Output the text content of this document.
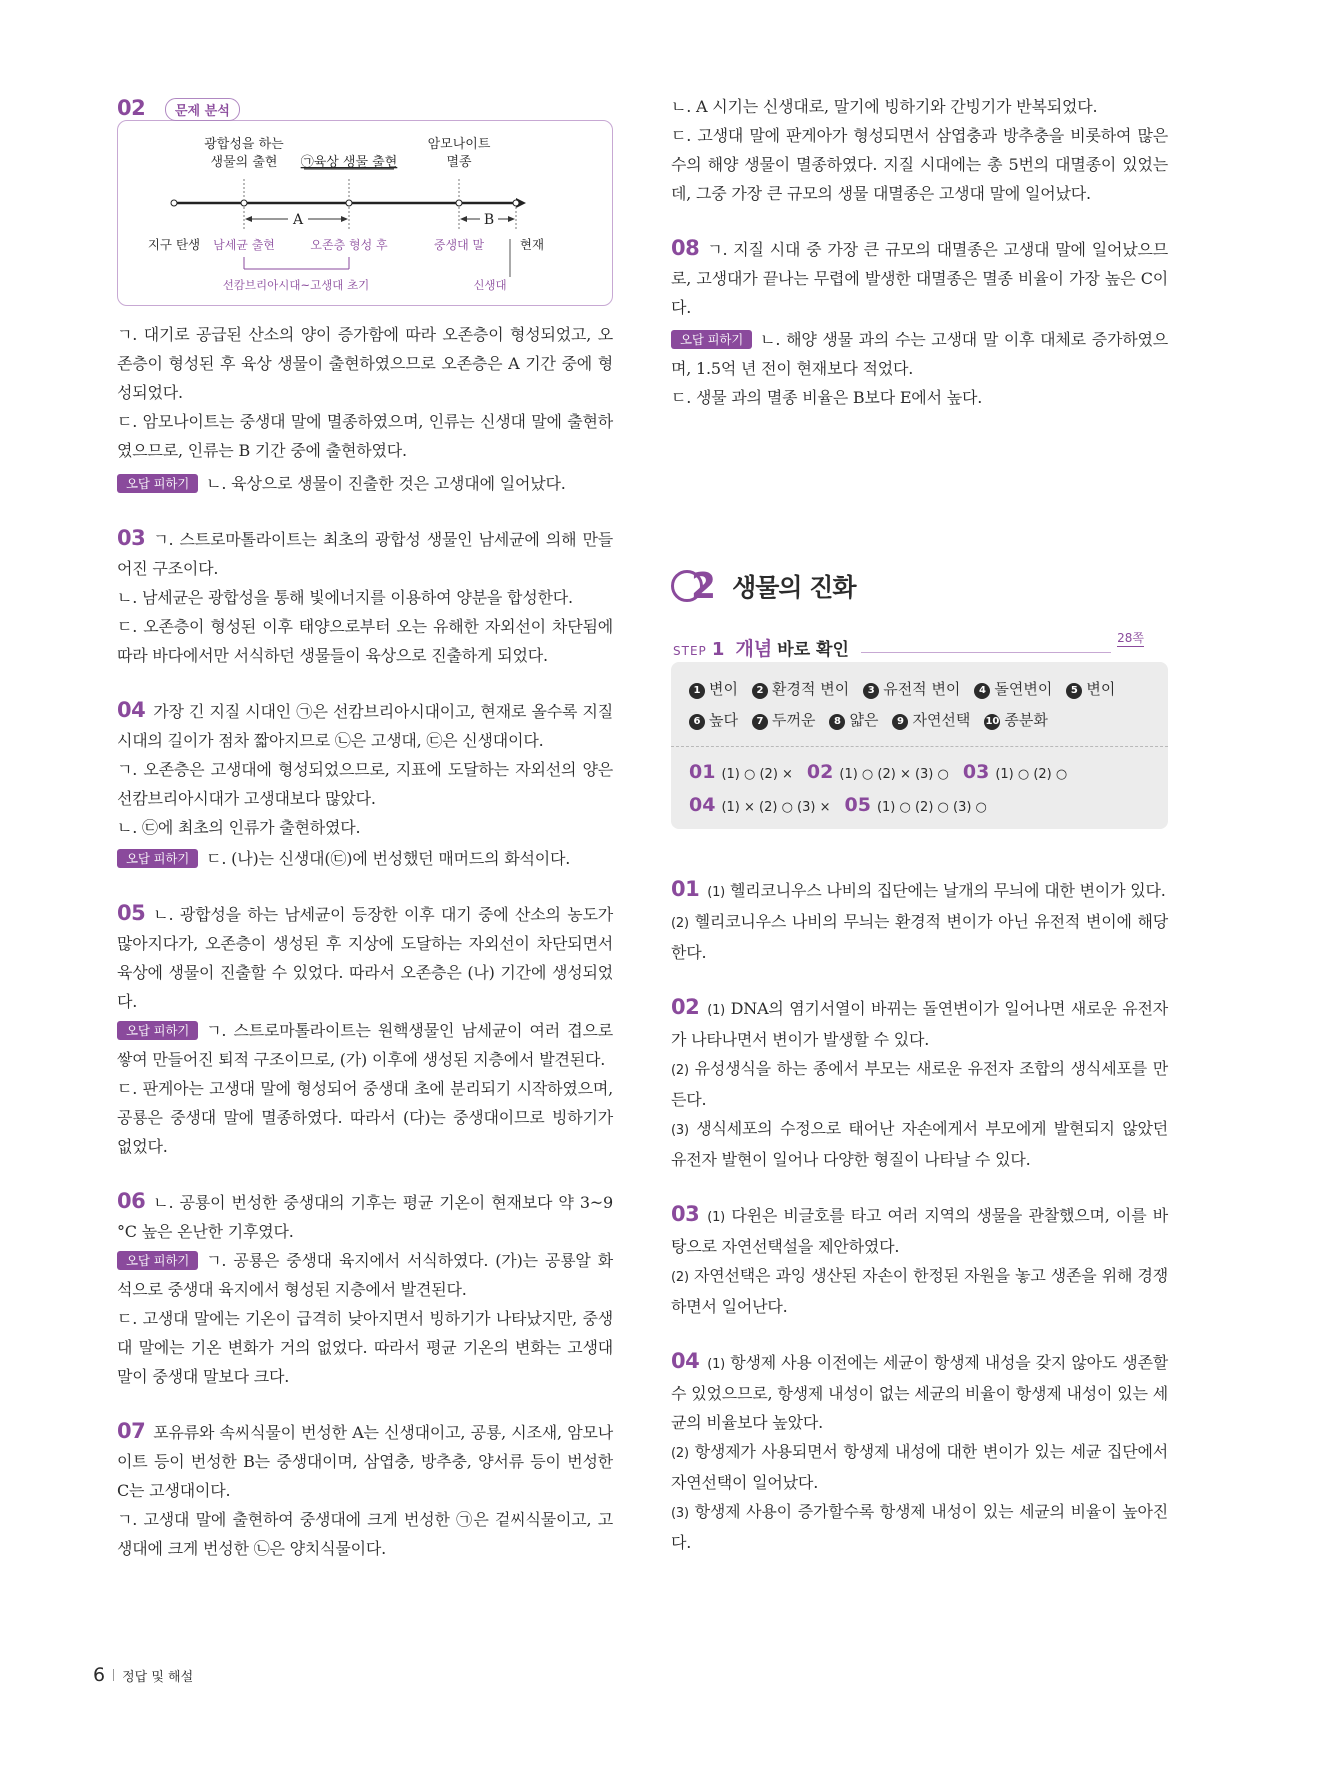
02	문제 분석
A	B
광합성을 하는
생물의 출현 ㉠육상 생물 출현
암모나이트
멸종
지구 탄생 남세균 출현	오존층 형성 후	중생대 말	현재
선캄브리아시대~고생대 초기	신생대

ㄱ. 대기로 공급된 산소의 양이 증가함에 따라 오존층이 형성되었고, 오존층이 형성된 후 육상 생물이 출현하였으므로 오존층은 A 기간 중에 형성되었다.

ㄷ. 암모나이트는 중생대 말에 멸종하였으며, 인류는 신생대 말에 출현하였으므로, 인류는 B 기간 중에 출현하였다.

오답 피하기 ㄴ. 육상으로 생물이 진출한 것은 고생대에 일어났다.

03 ㄱ. 스트로마톨라이트는 최초의 광합성 생물인 남세균에 의해 만들어진 구조이다.

ㄴ. 남세균은 광합성을 통해 빛에너지를 이용하여 양분을 합성한다.

ㄷ. 오존층이 형성된 이후 태양으로부터 오는 유해한 자외선이 차단됨에 따라 바다에서만 서식하던 생물들이 육상으로 진출하게 되었다.

04 가장 긴 지질 시대인 ㉠은 선캄브리아시대이고, 현재로 올수록 지질 시대의 길이가 점차 짧아지므로 ㉡은 고생대, ㉢은 신생대이다.

ㄱ. 오존층은 고생대에 형성되었으므로, 지표에 도달하는 자외선의 양은 선캄브리아시대가 고생대보다 많았다.

ㄴ. ㉢에 최초의 인류가 출현하였다.

오답 피하기 ㄷ. (나)는 신생대(㉢)에 번성했던 매머드의 화석이다.

05 ㄴ. 광합성을 하는 남세균이 등장한 이후 대기 중에 산소의 농도가 많아지다가, 오존층이 생성된 후 지상에 도달하는 자외선이 차단되면서 육상에 생물이 진출할 수 있었다. 따라서 오존층은 (나) 기간에 생성되었다.

오답 피하기 ㄱ. 스트로마톨라이트는 원핵생물인 남세균이 여러 겹으로 쌓여 만들어진 퇴적 구조이므로, (가) 이후에 생성된 지층에서 발견된다.

ㄷ. 판게아는 고생대 말에 형성되어 중생대 초에 분리되기 시작하였으며, 공룡은 중생대 말에 멸종하였다. 따라서 (다)는 중생대이므로 빙하기가 없었다.

06 ㄴ. 공룡이 번성한 중생대의 기후는 평균 기온이 현재보다 약 3~9 °C 높은 온난한 기후였다.

오답 피하기 ㄱ. 공룡은 중생대 육지에서 서식하였다. (가)는 공룡알 화석으로 중생대 육지에서 형성된 지층에서 발견된다.

ㄷ. 고생대 말에는 기온이 급격히 낮아지면서 빙하기가 나타났지만, 중생대 말에는 기온 변화가 거의 없었다. 따라서 평균 기온의 변화는 고생대 말이 중생대 말보다 크다.

07 포유류와 속씨식물이 번성한 A는 신생대이고, 공룡, 시조새, 암모나이트 등이 번성한 B는 중생대이며, 삼엽충, 방추충, 양서류 등이 번성한 C는 고생대이다.

ㄱ. 고생대 말에 출현하여 중생대에 크게 번성한 ㉠은 겉씨식물이고, 고생대에 크게 번성한 ㉡은 양치식물이다.

ㄴ. A 시기는 신생대로, 말기에 빙하기와 간빙기가 반복되었다.

ㄷ. 고생대 말에 판게아가 형성되면서 삼엽충과 방추충을 비롯하여 많은 수의 해양 생물이 멸종하였다. 지질 시대에는 총 5번의 대멸종이 있었는데, 그중 가장 큰 규모의 생물 대멸종은 고생대 말에 일어났다.

08 ㄱ. 지질 시대 중 가장 큰 규모의 대멸종은 고생대 말에 일어났으므로, 고생대가 끝나는 무렵에 발생한 대멸종은 멸종 비율이 가장 높은 C이다.

오답 피하기 ㄴ. 해양 생물 과의 수는 고생대 말 이후 대체로 증가하였으며, 1.5억 년 전이 현재보다 적었다.

ㄷ. 생물 과의 멸종 비율은 B보다 E에서 높다.

2 생물의 진화
STEP 1 개념 바로 확인
28쪽
1 변이 2 환경적 변이 3 유전적 변이 4 돌연변이 5 변이
6 높다 7 두꺼운 8 얇은 9 자연선택 10 종분화
01 (1) ○ (2) × 02 (1) ○ (2) × (3) ○ 03 (1) ○ (2) ○
04 (1) × (2) ○ (3) × 05 (1) ○ (2) ○ (3) ○

01 (1) 헬리코니우스 나비의 집단에는 날개의 무늬에 대한 변이가 있다.

(2) 헬리코니우스 나비의 무늬는 환경적 변이가 아닌 유전적 변이에 해당한다.

02 (1) DNA의 염기서열이 바뀌는 돌연변이가 일어나면 새로운 유전자가 나타나면서 변이가 발생할 수 있다.

(2) 유성생식을 하는 종에서 부모는 새로운 유전자 조합의 생식세포를 만든다.

(3) 생식세포의 수정으로 태어난 자손에게서 부모에게 발현되지 않았던 유전자 발현이 일어나 다양한 형질이 나타날 수 있다.

03 (1) 다윈은 비글호를 타고 여러 지역의 생물을 관찰했으며, 이를 바탕으로 자연선택설을 제안하였다.

(2) 자연선택은 과잉 생산된 자손이 한정된 자원을 놓고 생존을 위해 경쟁하면서 일어난다.

04 (1) 항생제 사용 이전에는 세균이 항생제 내성을 갖지 않아도 생존할 수 있었으므로, 항생제 내성이 없는 세균의 비율이 항생제 내성이 있는 세균의 비율보다 높았다.

(2) 항생제가 사용되면서 항생제 내성에 대한 변이가 있는 세균 집단에서 자연선택이 일어났다.

(3) 항생제 사용이 증가할수록 항생제 내성이 있는 세균의 비율이 높아진다.

6 정답 및 해설
